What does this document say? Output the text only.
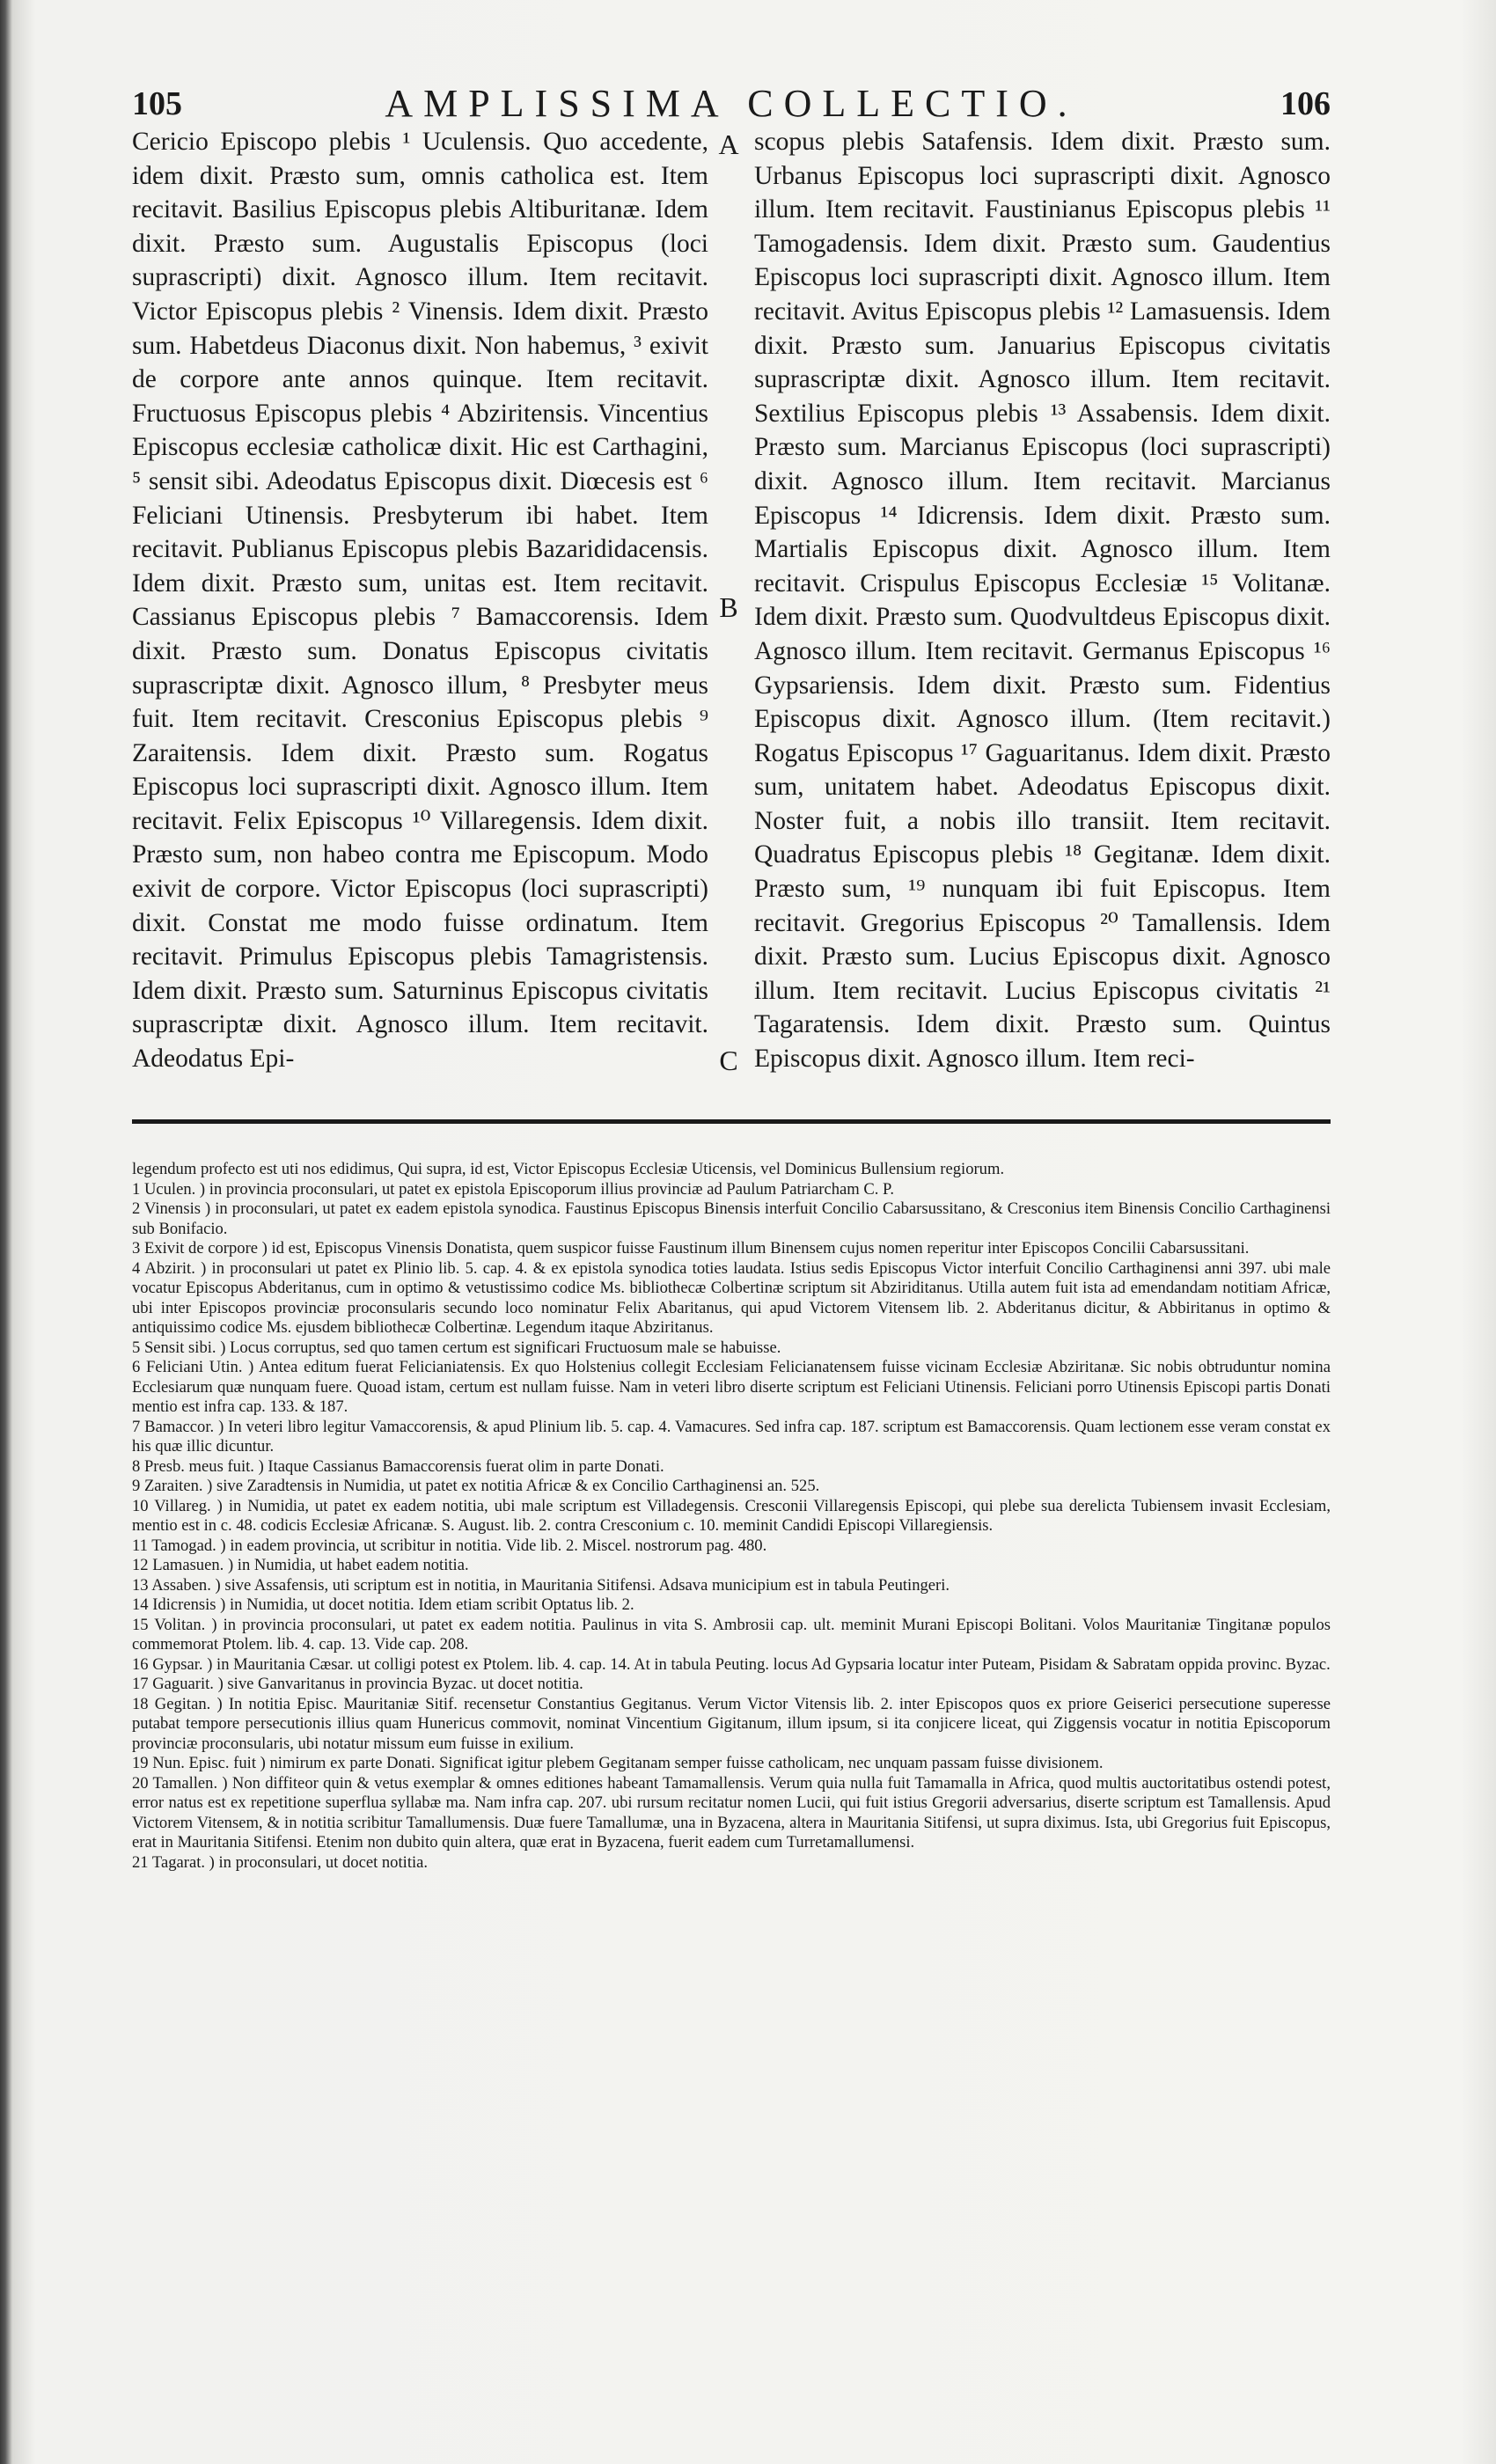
105	AMPLISSIMA COLLECTIO.	106

Cericio Episcopo plebis ¹ Uculensis. Quo accedente, idem dixit. Præsto sum, omnis catholica est. Item recitavit. Basilius Episcopus plebis Altiburitanæ. Idem dixit. Præsto sum. Augustalis Episcopus (loci suprascripti) dixit. Agnosco illum. Item recitavit. Victor Episcopus plebis ² Vinensis. Idem dixit. Præsto sum. Habetdeus Diaconus dixit. Non habemus, ³ exivit de corpore ante annos quinque. Item recitavit. Fructuosus Episcopus plebis ⁴ Abziritensis. Vincentius Episcopus ecclesiæ catholicæ dixit. Hic est Carthagini, ⁵ sensit sibi. Adeodatus Episcopus dixit. Diœcesis est ⁶ Feliciani Utinensis. Presbyterum ibi habet. Item recitavit. Publianus Episcopus plebis Bazarididacensis. Idem dixit. Præsto sum, unitas est. Item recitavit. Cassianus Episcopus plebis ⁷ Bamaccorensis. Idem dixit. Præsto sum. Donatus Episcopus civitatis suprascriptæ dixit. Agnosco illum, ⁸ Presbyter meus fuit. Item recitavit. Cresconius Episcopus plebis ⁹ Zaraitensis. Idem dixit. Præsto sum. Rogatus Episcopus loci suprascripti dixit. Agnosco illum. Item recitavit. Felix Episcopus ¹⁰ Villaregensis. Idem dixit. Præsto sum, non habeo contra me Episcopum. Modo exivit de corpore. Victor Episcopus (loci suprascripti) dixit. Constat me modo fuisse ordinatum. Item recitavit. Primulus Episcopus plebis Tamagristensis. Idem dixit. Præsto sum. Saturninus Episcopus civitatis suprascriptæ dixit. Agnosco illum. Item recitavit. Adeodatus Epi-

A
B
C

scopus plebis Satafensis. Idem dixit. Præsto sum. Urbanus Episcopus loci suprascripti dixit. Agnosco illum. Item recitavit. Faustinianus Episcopus plebis ¹¹ Tamogadensis. Idem dixit. Præsto sum. Gaudentius Episcopus loci suprascripti dixit. Agnosco illum. Item recitavit. Avitus Episcopus plebis ¹² Lamasuensis. Idem dixit. Præsto sum. Januarius Episcopus civitatis suprascriptæ dixit. Agnosco illum. Item recitavit. Sextilius Episcopus plebis ¹³ Assabensis. Idem dixit. Præsto sum. Marcianus Episcopus (loci suprascripti) dixit. Agnosco illum. Item recitavit. Marcianus Episcopus ¹⁴ Idicrensis. Idem dixit. Præsto sum. Martialis Episcopus dixit. Agnosco illum. Item recitavit. Crispulus Episcopus Ecclesiæ ¹⁵ Volitanæ. Idem dixit. Præsto sum. Quodvultdeus Episcopus dixit. Agnosco illum. Item recitavit. Germanus Episcopus ¹⁶ Gypsariensis. Idem dixit. Præsto sum. Fidentius Episcopus dixit. Agnosco illum. (Item recitavit.) Rogatus Episcopus ¹⁷ Gaguaritanus. Idem dixit. Præsto sum, unitatem habet. Adeodatus Episcopus dixit. Noster fuit, a nobis illo transiit. Item recitavit. Quadratus Episcopus plebis ¹⁸ Gegitanæ. Idem dixit. Præsto sum, ¹⁹ nunquam ibi fuit Episcopus. Item recitavit. Gregorius Episcopus ²⁰ Tamallensis. Idem dixit. Præsto sum. Lucius Episcopus dixit. Agnosco illum. Item recitavit. Lucius Episcopus civitatis ²¹ Tagaratensis. Idem dixit. Præsto sum. Quintus Episcopus dixit. Agnosco illum. Item reci-

legendum profecto est uti nos edidimus, Qui supra, id est, Victor Episcopus Ecclesiæ Uticensis, vel Dominicus Bullensium regiorum.

1 Uculen. ) in provincia proconsulari, ut patet ex epistola Episcoporum illius provinciæ ad Paulum Patriarcham C. P.

2 Vinensis ) in proconsulari, ut patet ex eadem epistola synodica. Faustinus Episcopus Binensis interfuit Concilio Cabarsussitano, & Cresconius item Binensis Concilio Carthaginensi sub Bonifacio.

3 Exivit de corpore ) id est, Episcopus Vinensis Donatista, quem suspicor fuisse Faustinum illum Binensem cujus nomen reperitur inter Episcopos Concilii Cabarsussitani.

4 Abzirit. ) in proconsulari ut patet ex Plinio lib. 5. cap. 4. & ex epistola synodica toties laudata. Istius sedis Episcopus Victor interfuit Concilio Carthaginensi anni 397. ubi male vocatur Episcopus Abderitanus, cum in optimo & vetustissimo codice Ms. bibliothecæ Colbertinæ scriptum sit Abziriditanus. Utilla autem fuit ista ad emendandam notitiam Africæ, ubi inter Episcopos provinciæ proconsularis secundo loco nominatur Felix Abaritanus, qui apud Victorem Vitensem lib. 2. Abderitanus dicitur, & Abbiritanus in optimo & antiquissimo codice Ms. ejusdem bibliothecæ Colbertinæ. Legendum itaque Abziritanus.

5 Sensit sibi. ) Locus corruptus, sed quo tamen certum est significari Fructuosum male se habuisse.

6 Feliciani Utin. ) Antea editum fuerat Felicianiatensis. Ex quo Holstenius collegit Ecclesiam Felicianatensem fuisse vicinam Ecclesiæ Abziritanæ. Sic nobis obtruduntur nomina Ecclesiarum quæ nunquam fuere. Quoad istam, certum est nullam fuisse. Nam in veteri libro diserte scriptum est Feliciani Utinensis. Feliciani porro Utinensis Episcopi partis Donati mentio est infra cap. 133. & 187.

7 Bamaccor. ) In veteri libro legitur Vamaccorensis, & apud Plinium lib. 5. cap. 4. Vamacures. Sed infra cap. 187. scriptum est Bamaccorensis. Quam lectionem esse veram constat ex his quæ illic dicuntur.

8 Presb. meus fuit. ) Itaque Cassianus Bamaccorensis fuerat olim in parte Donati.

9 Zaraiten. ) sive Zaradtensis in Numidia, ut patet ex notitia Africæ & ex Concilio Carthaginensi an. 525.

10 Villareg. ) in Numidia, ut patet ex eadem notitia, ubi male scriptum est Villadegensis. Cresconii Villaregensis Episcopi, qui plebe sua derelicta Tubiensem invasit Ecclesiam, mentio est in c. 48. codicis Ecclesiæ Africanæ. S. August. lib. 2. contra Cresconium c. 10. meminit Candidi Episcopi Villaregiensis.

11 Tamogad. ) in eadem provincia, ut scribitur in notitia. Vide lib. 2. Miscel. nostrorum pag. 480.

12 Lamasuen. ) in Numidia, ut habet eadem notitia.

13 Assaben. ) sive Assafensis, uti scriptum est in notitia, in Mauritania Sitifensi. Adsava municipium est in tabula Peutingeri.

14 Idicrensis ) in Numidia, ut docet notitia. Idem etiam scribit Optatus lib. 2.

15 Volitan. ) in provincia proconsulari, ut patet ex eadem notitia. Paulinus in vita S. Ambrosii cap. ult. meminit Murani Episcopi Bolitani. Volos Mauritaniæ Tingitanæ populos commemorat Ptolem. lib. 4. cap. 13. Vide cap. 208.

16 Gypsar. ) in Mauritania Cæsar. ut colligi potest ex Ptolem. lib. 4. cap. 14. At in tabula Peuting. locus Ad Gypsaria locatur inter Puteam, Pisidam & Sabratam oppida provinc. Byzac.

17 Gaguarit. ) sive Ganvaritanus in provincia Byzac. ut docet notitia.

18 Gegitan. ) In notitia Episc. Mauritaniæ Sitif. recensetur Constantius Gegitanus. Verum Victor Vitensis lib. 2. inter Episcopos quos ex priore Geiserici persecutione superesse putabat tempore persecutionis illius quam Hunericus commovit, nominat Vincentium Gigitanum, illum ipsum, si ita conjicere liceat, qui Ziggensis vocatur in notitia Episcoporum provinciæ proconsularis, ubi notatur missum eum fuisse in exilium.

19 Nun. Episc. fuit ) nimirum ex parte Donati. Significat igitur plebem Gegitanam semper fuisse catholicam, nec unquam passam fuisse divisionem.

20 Tamallen. ) Non diffiteor quin & vetus exemplar & omnes editiones habeant Tamamallensis. Verum quia nulla fuit Tamamalla in Africa, quod multis auctoritatibus ostendi potest, error natus est ex repetitione superflua syllabæ ma. Nam infra cap. 207. ubi rursum recitatur nomen Lucii, qui fuit istius Gregorii adversarius, diserte scriptum est Tamallensis. Apud Victorem Vitensem, & in notitia scribitur Tamallumensis. Duæ fuere Tamallumæ, una in Byzacena, altera in Mauritania Sitifensi, ut supra diximus. Ista, ubi Gregorius fuit Episcopus, erat in Mauritania Sitifensi. Etenim non dubito quin altera, quæ erat in Byzacena, fuerit eadem cum Turretamallumensi.

21 Tagarat. ) in proconsulari, ut docet notitia.
